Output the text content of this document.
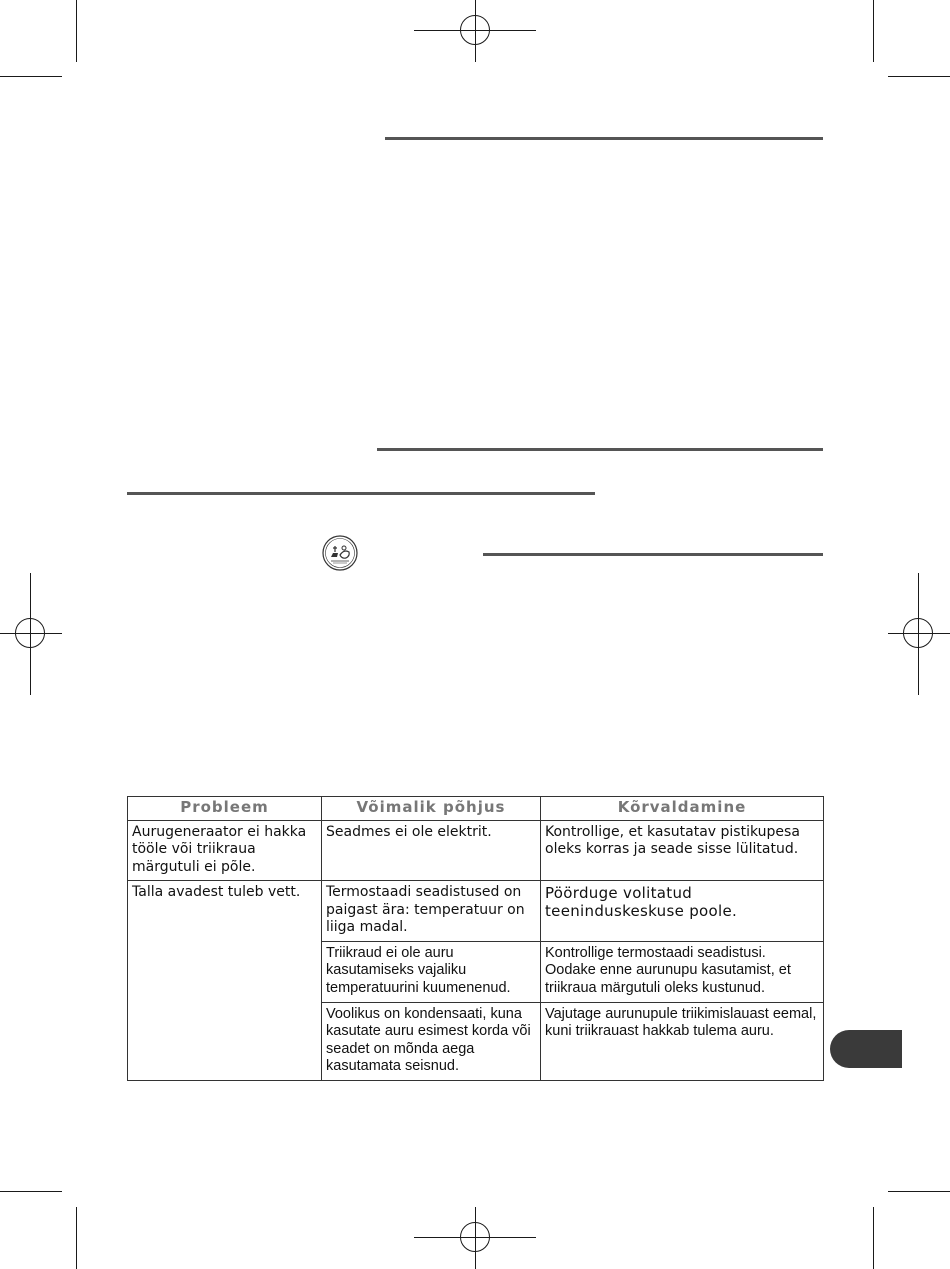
Probleem	Võimalik põhjus	Kõrvaldamine
Aurugeneraator ei hakka tööle või triikraua märgutuli ei põle.	Seadmes ei ole elektrit.	Kontrollige, et kasutatav pistikupesa oleks korras ja seade sisse lülitatud.
Talla avadest tuleb vett.	Termostaadi seadistused on paigast ära: temperatuur on liiga madal.	Pöörduge volitatud teeninduskeskuse poole.
	Triikraud ei ole auru kasutamiseks vajaliku temperatuurini kuumenenud.	Kontrollige termostaadi seadistusi. Oodake enne aurunupu kasutamist, et triikraua märgutuli oleks kustunud.
	Voolikus on kondensaati, kuna kasutate auru esimest korda või seadet on mõnda aega kasutamata seisnud.	Vajutage aurunupule triikimislauast eemal, kuni triikrauast hakkab tulema auru.
